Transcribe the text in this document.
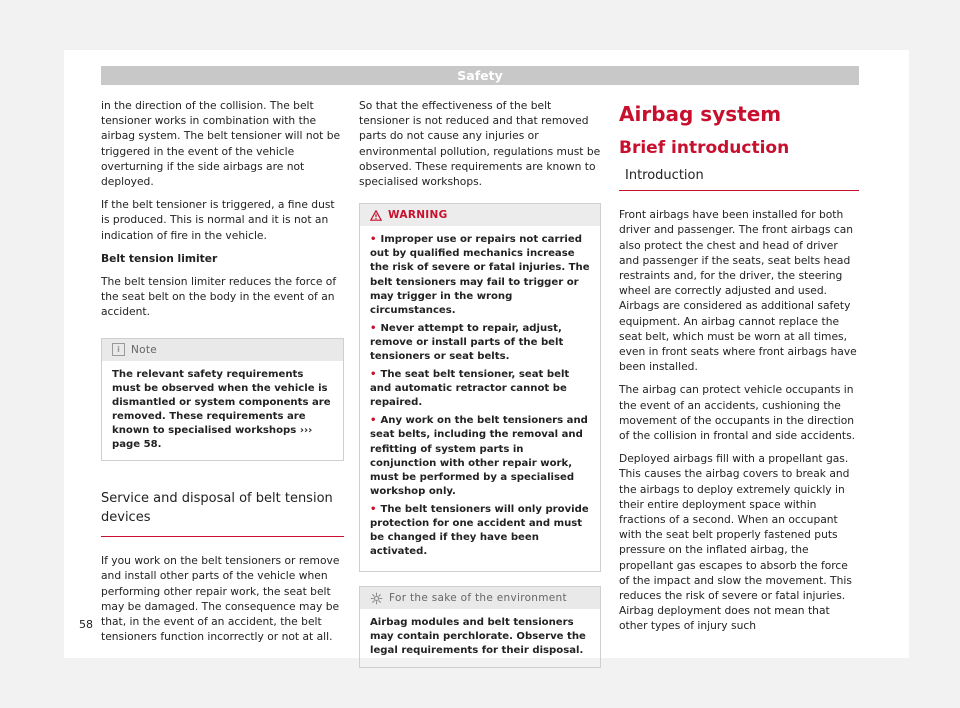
Safety

in the direction of the collision. The belt tensioner works in combination with the airbag system. The belt tensioner will not be triggered in the event of the vehicle overturning if the side airbags are not deployed.

If the belt tensioner is triggered, a fine dust is produced. This is normal and it is not an indication of fire in the vehicle.

Belt tension limiter

The belt tension limiter reduces the force of the seat belt on the body in the event of an accident.

i	Note
The relevant safety requirements must be observed when the vehicle is dismantled or system components are removed. These requirements are known to specialised workshops ››› page 58.
Service and disposal of belt tension devices

If you work on the belt tensioners or remove and install other parts of the vehicle when performing other repair work, the seat belt may be damaged. The consequence may be that, in the event of an accident, the belt tensioners function incorrectly or not at all.

So that the effectiveness of the belt tensioner is not reduced and that removed parts do not cause any injuries or environmental pollution, regulations must be observed. These requirements are known to specialised workshops.

WARNING
• Improper use or repairs not carried out by qualified mechanics increase the risk of severe or fatal injuries. The belt tensioners may fail to trigger or may trigger in the wrong circumstances.
• Never attempt to repair, adjust, remove or install parts of the belt tensioners or seat belts.
• The seat belt tensioner, seat belt and automatic retractor cannot be repaired.
• Any work on the belt tensioners and seat belts, including the removal and refitting of system parts in conjunction with other repair work, must be performed by a specialised workshop only.
• The belt tensioners will only provide protection for one accident and must be changed if they have been activated.
For the sake of the environment
Airbag modules and belt tensioners may contain perchlorate. Observe the legal requirements for their disposal.
Airbag system
Brief introduction
Introduction

Front airbags have been installed for both driver and passenger. The front airbags can also protect the chest and head of driver and passenger if the seats, seat belts head restraints and, for the driver, the steering wheel are correctly adjusted and used. Airbags are considered as additional safety equipment. An airbag cannot replace the seat belt, which must be worn at all times, even in front seats where front airbags have been installed.

The airbag can protect vehicle occupants in the event of an accidents, cushioning the movement of the occupants in the direction of the collision in frontal and side accidents.

Deployed airbags fill with a propellant gas. This causes the airbag covers to break and the airbags to deploy extremely quickly in their entire deployment space within fractions of a second. When an occupant with the seat belt properly fastened puts pressure on the inflated airbag, the propellant gas escapes to absorb the force of the impact and slow the movement. This reduces the risk of severe or fatal injuries. Airbag deployment does not mean that other types of injury such

58
